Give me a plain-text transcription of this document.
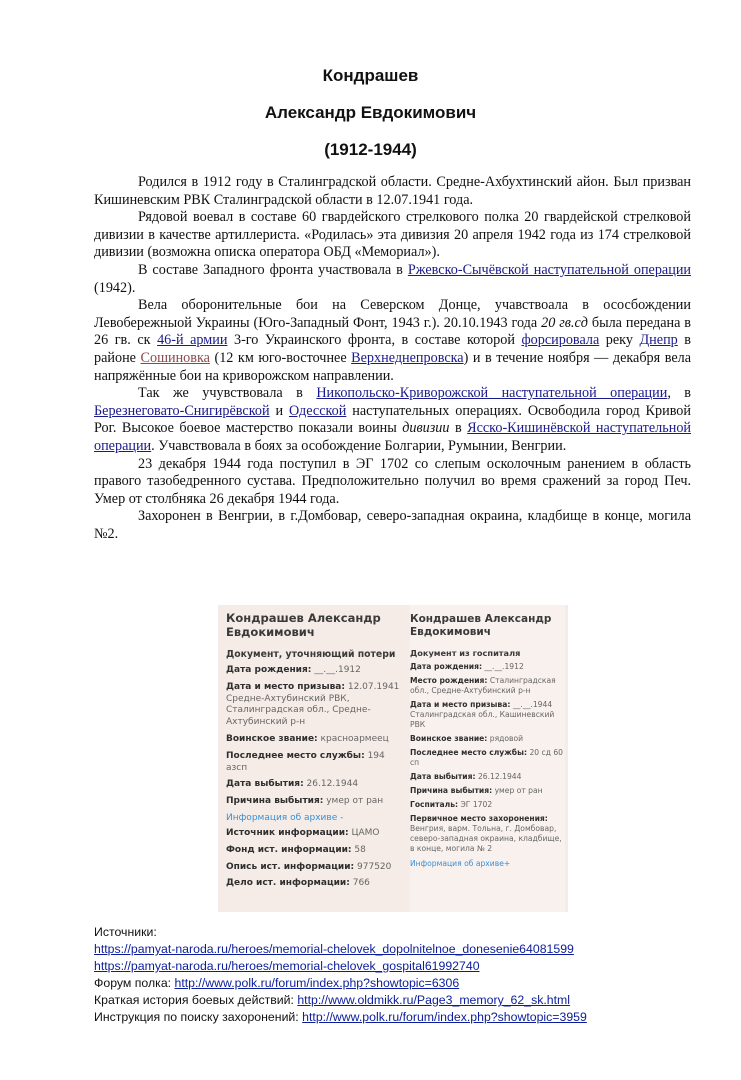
Кондрашев
Александр Евдокимович
(1912-1944)

Родился в 1912 году в Сталинградской области. Средне-Ахбухтинский айон. Был призван Кишиневским РВК Сталинградской области в 12.07.1941 года.

Рядовой воевал в составе 60 гвардейского стрелкового полка 20 гвардейской стрелковой дивизии в качестве артиллериста. «Родилась» эта дивизия 20 апреля 1942 года из 174 стрелковой дивизии (возможна описка оператора ОБД «Мемориал»).

В составе Западного фронта участвовала в Ржевско-Сычёвской наступательной операции (1942).

Вела оборонительные бои на Северском Донце, учавствоала в ососбождении Левобережныой Украины (Юго-Западный Фонт, 1943 г.). 20.10.1943 года 20 гв.сд была передана в 26 гв. ск 46-й армии 3-го Украинского фронта, в составе которой форсировала реку Днепр в районе Сошиновка (12 км юго-восточнее Верхнеднепровска) и в течение ноября — декабря вела напряжённые бои на криворожском направлении.

Так же учувствовала в Никопольско-Криворожской наступательной операции, в Березнеговато-Снигирёвской и Одесской наступательных операциях. Освободила город Кривой Рог. Высокое боевое мастерство показали воины дивизии в Ясско-Кишинёвской наступательной операции. Учавствовала в боях за особождение Болгарии, Румынии, Венгрии.

23 декабря 1944 года поступил в ЭГ 1702 со слепым осколочным ранением в область правого тазобедренного сустава. Предположительно получил во время сражений за город Печ. Умер от столбняка 26 декабря 1944 года.

Захоронен в Венгрии, в г.Домбовар, северо-западная окраина, кладбище в конце, могила №2.

Кондрашев Александр Евдокимович
Документ, уточняющий потери
Дата рождения: __.__.1912
Дата и место призыва: 12.07.1941 Средне-Ахтубинский РВК, Сталинградская обл., Средне-Ахтубинский р-н
Воинское звание: красноармеец
Последнее место службы: 194 азсп
Дата выбытия: 26.12.1944
Причина выбытия: умер от ран
Информация об архиве -
Источник информации: ЦАМО
Фонд ист. информации: 58
Опись ист. информации: 977520
Дело ист. информации: 766
Кондрашев Александр Евдокимович
Документ из госпиталя
Дата рождения: __.__.1912
Место рождения: Сталинградская обл., Средне-Ахтубинский р-н
Дата и место призыва: __.__.1944 Сталинградская обл., Кашиневский РВК
Воинское звание: рядовой
Последнее место службы: 20 сд 60 сп
Дата выбытия: 26.12.1944
Причина выбытия: умер от ран
Госпиталь: ЭГ 1702
Первичное место захоронения: Венгрия, варм. Тольна, г. Домбовар, северо-западная окраина, кладбище, в конце, могила № 2
Информация об архиве+
Источники:
https://pamyat-naroda.ru/heroes/memorial-chelovek_dopolnitelnoe_donesenie64081599
https://pamyat-naroda.ru/heroes/memorial-chelovek_gospital61992740
Форум полка: http://www.polk.ru/forum/index.php?showtopic=6306
Краткая история боевых действий: http://www.oldmikk.ru/Page3_memory_62_sk.html
Инструкция по поиску захоронений: http://www.polk.ru/forum/index.php?showtopic=3959
